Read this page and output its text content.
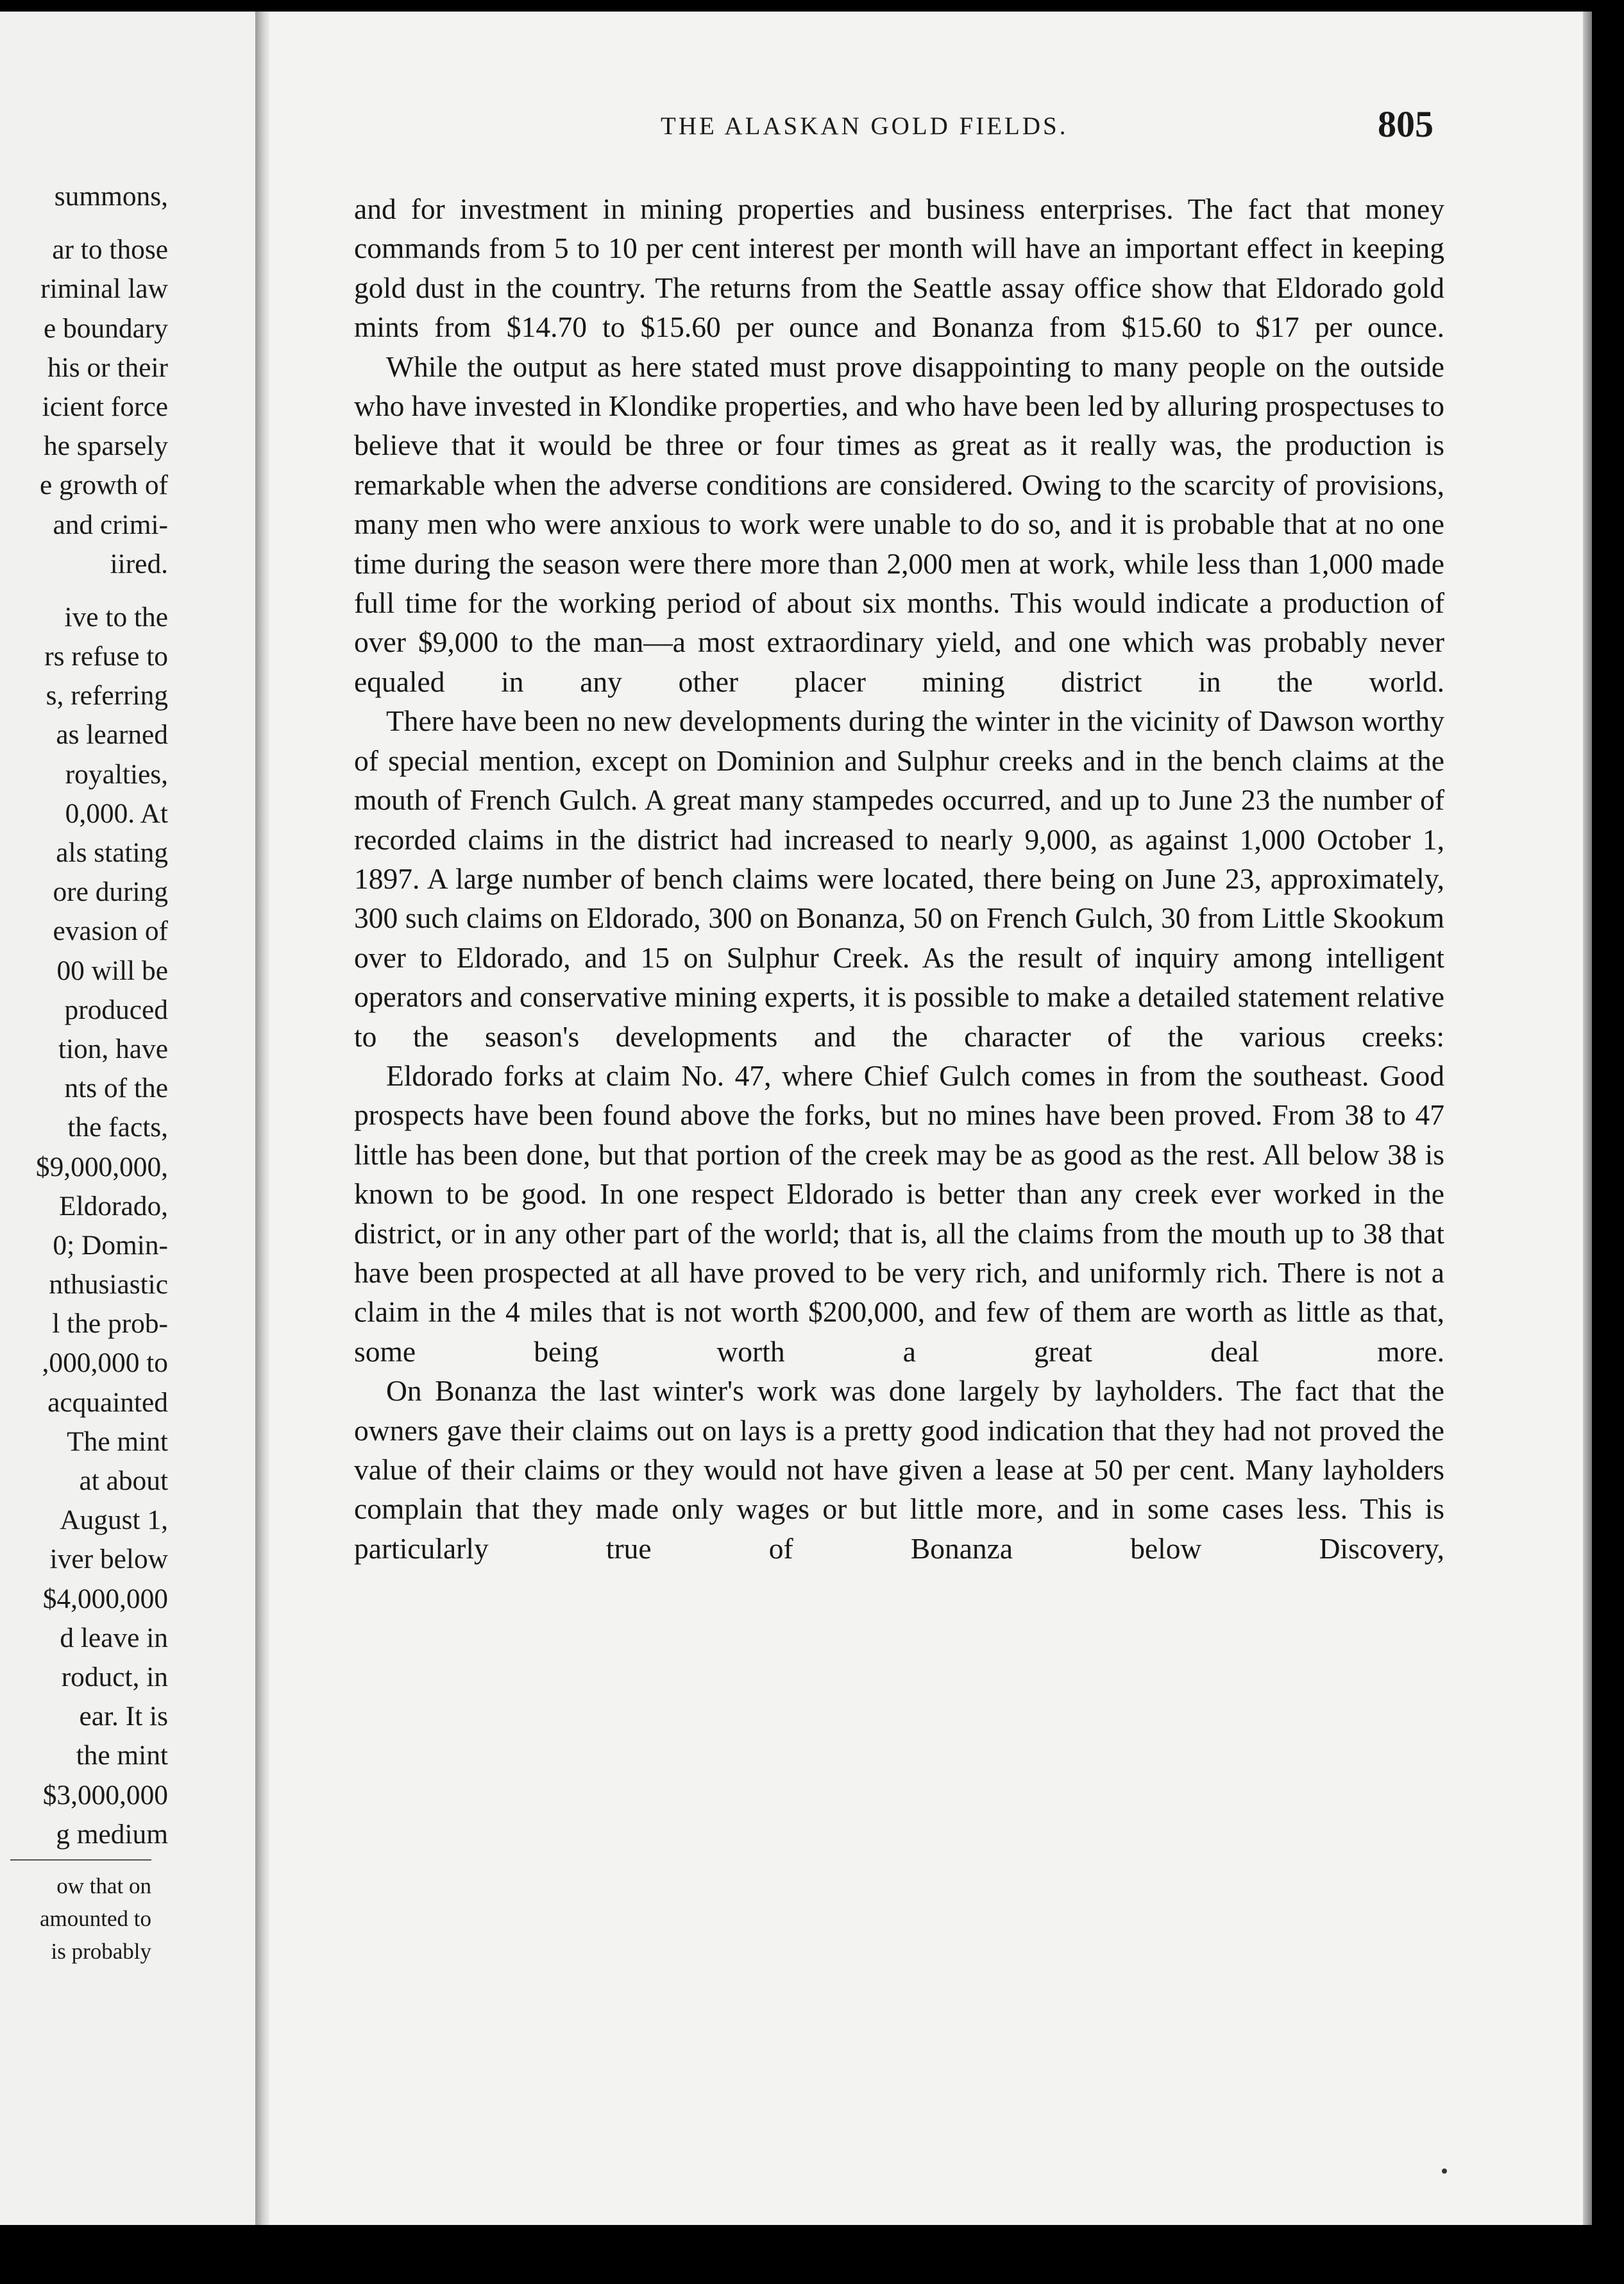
summons,
ar to those
riminal law
e boundary
his or their
icient force
he sparsely
e growth of
and crimi-
iired.
ive to the
rs refuse to
s, referring
as learned
royalties,
0,000. At
als stating
ore during
evasion of
00 will be
produced
tion, have
nts of the
the facts,
$9,000,000,
Eldorado,
0; Domin-
nthusiastic
l the prob-
,000,000 to
acquainted
The mint
at about
August 1,
iver below
$4,000,000
d leave in
roduct, in
ear. It is
the mint
$3,000,000
g medium
ow that on
amounted to
is probably
THE ALASKAN GOLD FIELDS.	805

and for investment in mining properties and business enterprises. The fact that money commands from 5 to 10 per cent interest per month will have an important effect in keeping gold dust in the country. The returns from the Seattle assay office show that Eldorado gold mints from $14.70 to $15.60 per ounce and Bonanza from $15.60 to $17 per ounce.

While the output as here stated must prove disappointing to many people on the outside who have invested in Klondike properties, and who have been led by alluring prospectuses to believe that it would be three or four times as great as it really was, the production is remarkable when the adverse conditions are considered. Owing to the scarcity of provisions, many men who were anxious to work were unable to do so, and it is probable that at no one time during the season were there more than 2,000 men at work, while less than 1,000 made full time for the working period of about six months. This would indicate a production of over $9,000 to the man—a most extraordinary yield, and one which was probably never equaled in any other placer mining district in the world.

There have been no new developments during the winter in the vicinity of Dawson worthy of special mention, except on Dominion and Sulphur creeks and in the bench claims at the mouth of French Gulch. A great many stampedes occurred, and up to June 23 the number of recorded claims in the district had increased to nearly 9,000, as against 1,000 October 1, 1897. A large number of bench claims were located, there being on June 23, approximately, 300 such claims on Eldorado, 300 on Bonanza, 50 on French Gulch, 30 from Little Skookum over to Eldorado, and 15 on Sulphur Creek. As the result of inquiry among intelligent operators and conservative mining experts, it is possible to make a detailed statement relative to the season's developments and the character of the various creeks:

Eldorado forks at claim No. 47, where Chief Gulch comes in from the southeast. Good prospects have been found above the forks, but no mines have been proved. From 38 to 47 little has been done, but that portion of the creek may be as good as the rest. All below 38 is known to be good. In one respect Eldorado is better than any creek ever worked in the district, or in any other part of the world; that is, all the claims from the mouth up to 38 that have been prospected at all have proved to be very rich, and uniformly rich. There is not a claim in the 4 miles that is not worth $200,000, and few of them are worth as little as that, some being worth a great deal more.

On Bonanza the last winter's work was done largely by layholders. The fact that the owners gave their claims out on lays is a pretty good indication that they had not proved the value of their claims or they would not have given a lease at 50 per cent. Many layholders complain that they made only wages or but little more, and in some cases less. This is particularly true of Bonanza below Discovery,
